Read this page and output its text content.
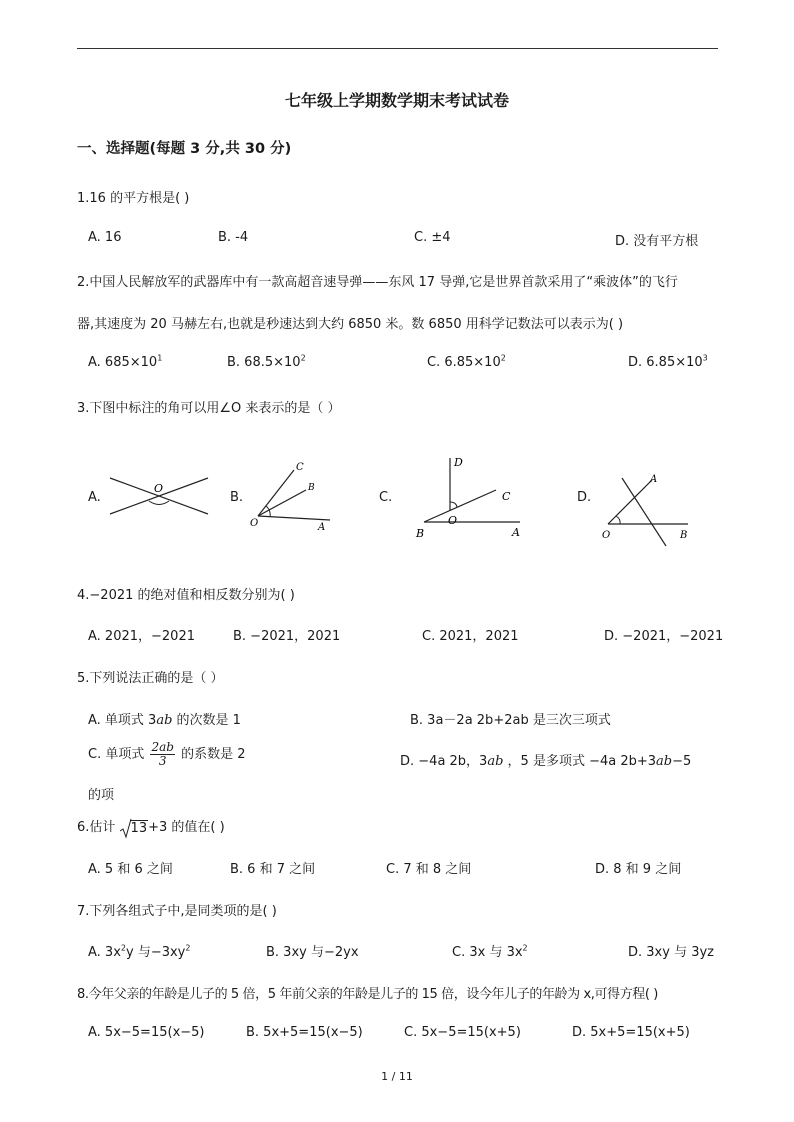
七年级上学期数学期末考试试卷
一、选择题(每题 3 分,共 30 分)
1.16 的平方根是( )
A. 16	B. -4	C. ±4	D. 没有平方根
2.中国人民解放军的武器库中有一款高超音速导弹——东风 17 导弹,它是世界首款采用了“乘波体”的飞行
器,其速度为 20 马赫左右,也就是秒速达到大约 6850 米。数 6850 用科学记数法可以表示为( )
A. $685\times 10^1$	B. $68.5\times 10^2$	C. $6.85\times 10^2$	D. $6.85\times 10^3$
3.下图中标注的角可以用∠O 来表示的是（ ）
A.
O
B.
O	A
C
B
C.
B	A
C
D
O
D.
O	B
A
4.−2021 的绝对值和相反数分别为( )
A. 2021，−2021	B. −2021，2021	C. 2021，2021	D. −2021，−2021
5.下列说法正确的是（ ）
A. 单项式 3ab 的次数是 1	B. 3a－2a 2b+2ab 是三次三项式
C. 单项式 $\frac{2ab}{3}$ 的系数是 2	D. −4a 2b，3ab ，5 是多项式 −4a 2b+3ab−5
的项
6.估计
13+3 的值在( )
A. 5 和 6 之间	B. 6 和 7 之间	C. 7 和 8 之间	D. 8 和 9 之间
7.下列各组式子中,是同类项的是( )
A. $3x^2y$ 与$-3xy^2$	B. 3xy 与−2yx	C. 3x 与 $3x^2$	D. 3xy 与 3yz
8.今年父亲的年龄是儿子的 5 倍，5 年前父亲的年龄是儿子的 15 倍，设今年儿子的年龄为 x,可得方程( )
A. 5x−5=15(x−5)	B. 5x+5=15(x−5)	C. 5x−5=15(x+5)	D. 5x+5=15(x+5)
1 / 11
